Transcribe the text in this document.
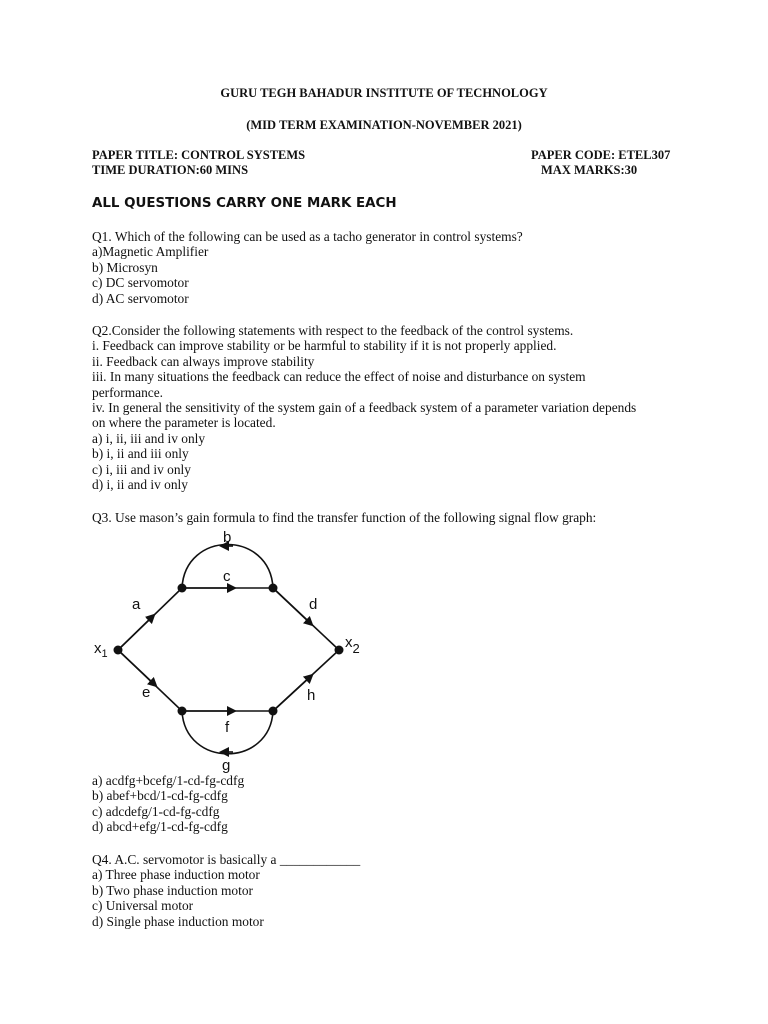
GURU TEGH BAHADUR INSTITUTE OF TECHNOLOGY
(MID TERM EXAMINATION-NOVEMBER 2021)
PAPER TITLE: CONTROL SYSTEMS
TIME DURATION:60 MINS
PAPER CODE: ETEL307
MAX MARKS:30
ALL QUESTIONS CARRY ONE MARK EACH
Q1. Which of the following can be used as a tacho generator in control systems?
a)Magnetic Amplifier
b) Microsyn
c) DC servomotor
d) AC servomotor
Q2.Consider the following statements with respect to the feedback of the control systems.
i. Feedback can improve stability or be harmful to stability if it is not properly applied.
ii. Feedback can always improve stability
iii. In many situations the feedback can reduce the effect of noise and disturbance on system
performance.
iv. In general the sensitivity of the system gain of a feedback system of a parameter variation depends
on where the parameter is located.
a) i, ii, iii and iv only
b) i, ii and iii only
c) i, iii and iv only
d) i, ii and iv only
Q3. Use mason’s gain formula to find the transfer function of the following signal flow graph:
b
c
a	d
$x_1$
x2
e	h
f
g
a) acdfg+bcefg/1-cd-fg-cdfg
b) abef+bcd/1-cd-fg-cdfg
c) adcdefg/1-cd-fg-cdfg
d) abcd+efg/1-cd-fg-cdfg
Q4. A.C. servomotor is basically a ____________
a) Three phase induction motor
b) Two phase induction motor
c) Universal motor
d) Single phase induction motor
